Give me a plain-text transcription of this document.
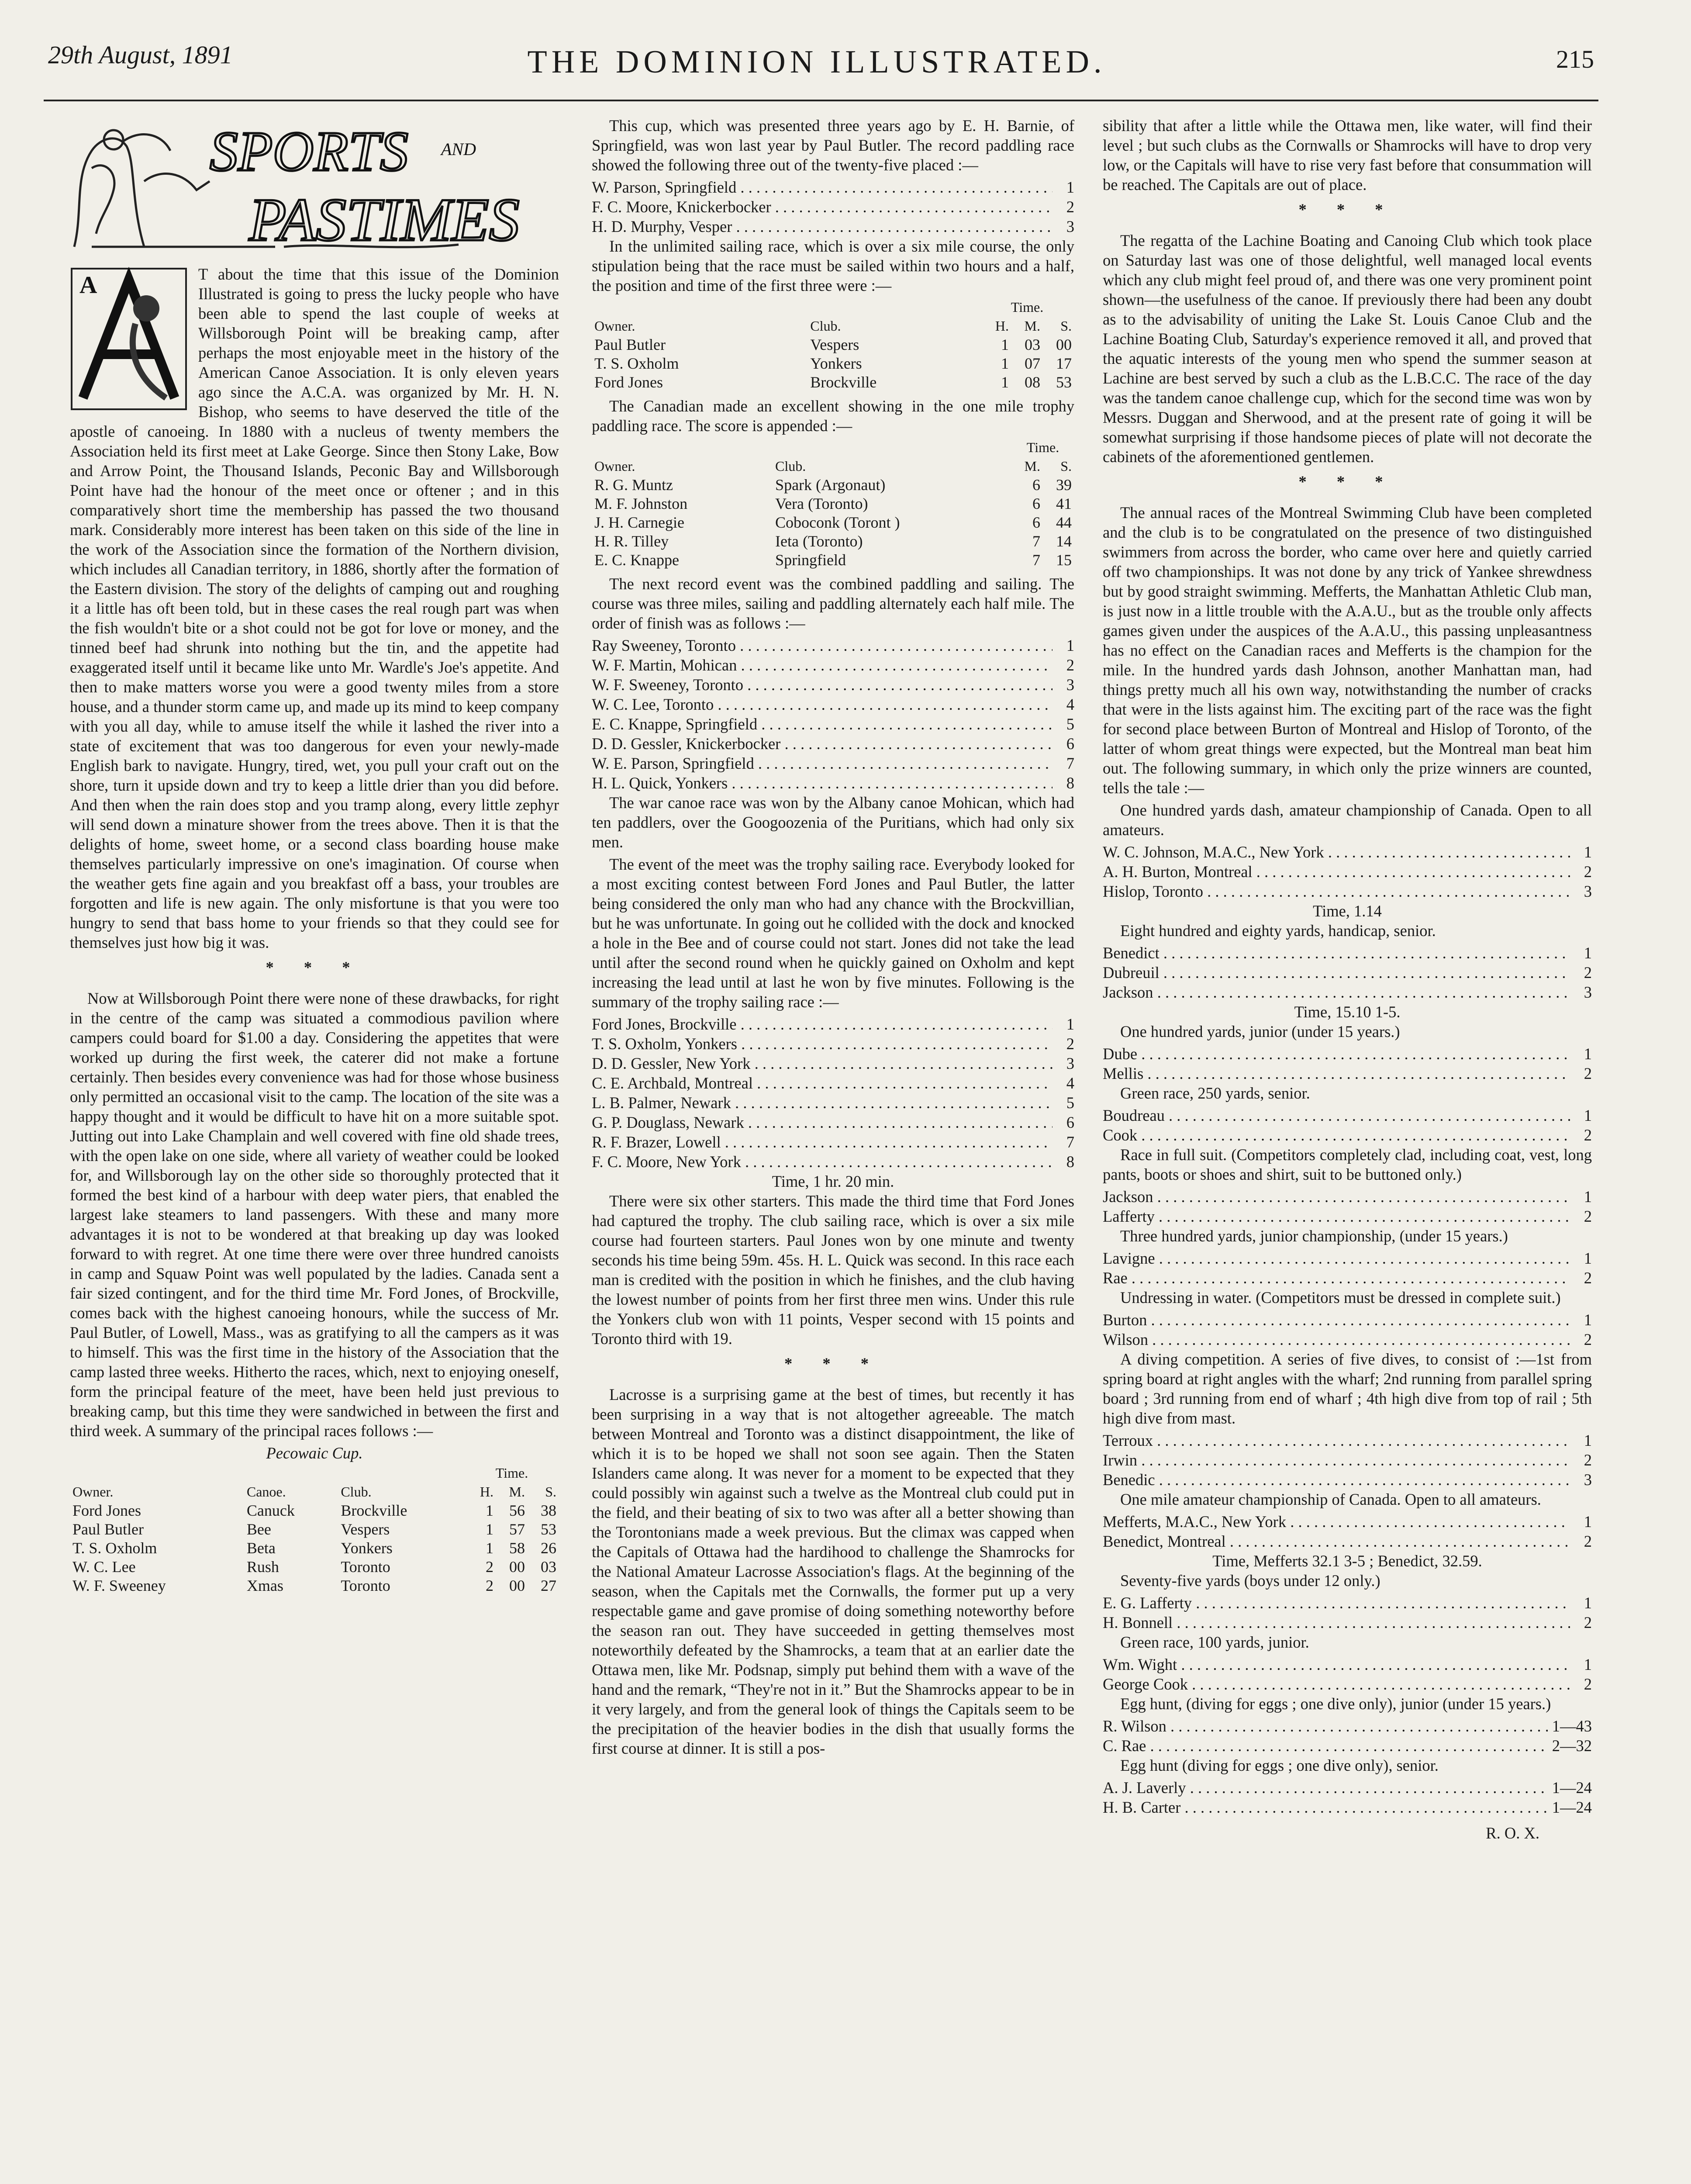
29th August, 1891	THE DOMINION ILLUSTRATED.	215
SPORTS AND
PASTIMES
A	T about the time that this issue of the Dominion Illustrated is going to press the lucky people who have been able to spend the last couple of weeks at Willsborough Point will be breaking camp, after perhaps the most enjoyable meet in the history of the American Canoe Association. It is only eleven years ago since the A.C.A. was organized by Mr. H. N. Bishop, who seems to have deserved the title of the apostle of canoeing. In 1880 with a nucleus of twenty members the Association held its first meet at Lake George. Since then Stony Lake, Bow and Arrow Point, the Thousand Islands, Peconic Bay and Willsborough Point have had the honour of the meet once or oftener ; and in this comparatively short time the membership has passed the two thousand mark. Considerably more interest has been taken on this side of the line in the work of the Association since the formation of the Northern division, which includes all Canadian territory, in 1886, shortly after the formation of the Eastern division. The story of the delights of camping out and roughing it a little has oft been told, but in these cases the real rough part was when the fish wouldn't bite or a shot could not be got for love or money, and the tinned beef had shrunk into nothing but the tin, and the appetite had exaggerated itself until it became like unto Mr. Wardle's Joe's appetite. And then to make matters worse you were a good twenty miles from a store house, and a thunder storm came up, and made up its mind to keep company with you all day, while to amuse itself the while it lashed the river into a state of excitement that was too dangerous for even your newly-made English bark to navigate. Hungry, tired, wet, you pull your craft out on the shore, turn it upside down and try to keep a little drier than you did before. And then when the rain does stop and you tramp along, every little zephyr will send down a minature shower from the trees above. Then it is that the delights of home, sweet home, or a second class boarding house make themselves particularly impressive on one's imagination. Of course when the weather gets fine again and you breakfast off a bass, your troubles are forgotten and life is new again. The only misfortune is that you were too hungry to send that bass home to your friends so that they could see for themselves just how big it was.

* * *

Now at Willsborough Point there were none of these drawbacks, for right in the centre of the camp was situated a commodious pavilion where campers could board for $1.00 a day. Considering the appetites that were worked up during the first week, the caterer did not make a fortune certainly. Then besides every convenience was had for those whose business only permitted an occasional visit to the camp. The location of the site was a happy thought and it would be difficult to have hit on a more suitable spot. Jutting out into Lake Champlain and well covered with fine old shade trees, with the open lake on one side, where all variety of weather could be looked for, and Willsborough lay on the other side so thoroughly protected that it formed the best kind of a harbour with deep water piers, that enabled the largest lake steamers to land passengers. With these and many more advantages it is not to be wondered at that breaking up day was looked forward to with regret. At one time there were over three hundred canoists in camp and Squaw Point was well populated by the ladies. Canada sent a fair sized contingent, and for the third time Mr. Ford Jones, of Brockville, comes back with the highest canoeing honours, while the success of Mr. Paul Butler, of Lowell, Mass., was as gratifying to all the campers as it was to himself. This was the first time in the history of the Association that the camp lasted three weeks. Hitherto the races, which, next to enjoying oneself, form the principal feature of the meet, have been held just previous to breaking camp, but this time they were sandwiched in between the first and third week. A summary of the principal races follows :—

Pecowaic Cup.

			Time.		
Owner.	Canoe.	Club.	H.	M.	S.
Ford Jones	Canuck	Brockville	1	56	38
Paul Butler	Bee	Vespers	1	57	53
T. S. Oxholm	Beta	Yonkers	1	58	26
W. C. Lee	Rush	Toronto	2	00	03
W. F. Sweeney	Xmas	Toronto	2	00	27

This cup, which was presented three years ago by E. H. Barnie, of Springfield, was won last year by Paul Butler. The record paddling race showed the following three out of the twenty-five placed :—

W. Parson, Springfield . . .	1
F. C. Moore, Knickerbocker . . .	2
H. D. Murphy, Vesper . . .	3

In the unlimited sailing race, which is over a six mile course, the only stipulation being that the race must be sailed within two hours and a half, the position and time of the first three were :—

		Time.		
Owner.	Club.	H.	M.	S.
Paul Butler	Vespers	1	03	00
T. S. Oxholm	Yonkers	1	07	17
Ford Jones	Brockville	1	08	53

The Canadian made an excellent showing in the one mile trophy paddling race. The score is appended :—

		Time.	
Owner.	Club.	M.	S.
R. G. Muntz	Spark (Argonaut)	6	39
M. F. Johnston	Vera (Toronto)	6	41
J. H. Carnegie	Coboconk (Toront )	6	44
H. R. Tilley	Ieta (Toronto)	7	14
E. C. Knappe	Springfield	7	15

The next record event was the combined paddling and sailing. The course was three miles, sailing and paddling alternately each half mile. The order of finish was as follows :—

Ray Sweeney, Toronto . . .	1
W. F. Martin, Mohican . . .	2
W. F. Sweeney, Toronto . . .	3
W. C. Lee, Toronto . . .	4
E. C. Knappe, Springfield . . .	5
D. D. Gessler, Knickerbocker . . .	6
W. E. Parson, Springfield . . .	7
H. L. Quick, Yonkers . . .	8

The war canoe race was won by the Albany canoe Mohican, which had ten paddlers, over the Googoozenia of the Puritians, which had only six men.

The event of the meet was the trophy sailing race. Everybody looked for a most exciting contest between Ford Jones and Paul Butler, the latter being considered the only man who had any chance with the Brockvillian, but he was unfortunate. In going out he collided with the dock and knocked a hole in the Bee and of course could not start. Jones did not take the lead until after the second round when he quickly gained on Oxholm and kept increasing the lead until at last he won by five minutes. Following is the summary of the trophy sailing race :—

Ford Jones, Brockville . . .	1
T. S. Oxholm, Yonkers . . .	2
D. D. Gessler, New York . . .	3
C. E. Archbald, Montreal . . .	4
L. B. Palmer, Newark . . .	5
G. P. Douglass, Newark . . .	6
R. F. Brazer, Lowell . . .	7
F. C. Moore, New York . . .	8

Time, 1 hr. 20 min.

There were six other starters. This made the third time that Ford Jones had captured the trophy. The club sailing race, which is over a six mile course had fourteen starters. Paul Jones won by one minute and twenty seconds his time being 59m. 45s. H. L. Quick was second. In this race each man is credited with the position in which he finishes, and the club having the lowest number of points from her first three men wins. Under this rule the Yonkers club won with 11 points, Vesper second with 15 points and Toronto third with 19.

* * *

Lacrosse is a surprising game at the best of times, but recently it has been surprising in a way that is not altogether agreeable. The match between Montreal and Toronto was a distinct disappointment, the like of which it is to be hoped we shall not soon see again. Then the Staten Islanders came along. It was never for a moment to be expected that they could possibly win against such a twelve as the Montreal club could put in the field, and their beating of six to two was after all a better showing than the Torontonians made a week previous. But the climax was capped when the Capitals of Ottawa had the hardihood to challenge the Shamrocks for the National Amateur Lacrosse Association's flags. At the beginning of the season, when the Capitals met the Cornwalls, the former put up a very respectable game and gave promise of doing something noteworthy before the season ran out. They have succeeded in getting themselves most noteworthily defeated by the Shamrocks, a team that at an earlier date the Ottawa men, like Mr. Podsnap, simply put behind them with a wave of the hand and the remark, “They're not in it.” But the Shamrocks appear to be in it very largely, and from the general look of things the Capitals seem to be the precipitation of the heavier bodies in the dish that usually forms the first course at dinner. It is still a pos-

sibility that after a little while the Ottawa men, like water, will find their level ; but such clubs as the Cornwalls or Shamrocks will have to drop very low, or the Capitals will have to rise very fast before that consummation will be reached. The Capitals are out of place.

* * *

The regatta of the Lachine Boating and Canoing Club which took place on Saturday last was one of those delightful, well managed local events which any club might feel proud of, and there was one very prominent point shown—the usefulness of the canoe. If previously there had been any doubt as to the advisability of uniting the Lake St. Louis Canoe Club and the Lachine Boating Club, Saturday's experience removed it all, and proved that the aquatic interests of the young men who spend the summer season at Lachine are best served by such a club as the L.B.C.C. The race of the day was the tandem canoe challenge cup, which for the second time was won by Messrs. Duggan and Sherwood, and at the present rate of going it will be somewhat surprising if those handsome pieces of plate will not decorate the cabinets of the aforementioned gentlemen.

* * *

The annual races of the Montreal Swimming Club have been completed and the club is to be congratulated on the presence of two distinguished swimmers from across the border, who came over here and quietly carried off two championships. It was not done by any trick of Yankee shrewdness but by good straight swimming. Mefferts, the Manhattan Athletic Club man, is just now in a little trouble with the A.A.U., but as the trouble only affects games given under the auspices of the A.A.U., this passing unpleasantness has no effect on the Canadian races and Mefferts is the champion for the mile. In the hundred yards dash Johnson, another Manhattan man, had things pretty much all his own way, notwithstanding the number of cracks that were in the lists against him. The exciting part of the race was the fight for second place between Burton of Montreal and Hislop of Toronto, of the latter of whom great things were expected, but the Montreal man beat him out. The following summary, in which only the prize winners are counted, tells the tale :—

One hundred yards dash, amateur championship of Canada. Open to all amateurs.

W. C. Johnson, M.A.C., New York . . .	1
A. H. Burton, Montreal . . .	2
Hislop, Toronto . . .	3

Time, 1.14

Eight hundred and eighty yards, handicap, senior.

Benedict . . .	1
Dubreuil . . .	2
Jackson . . .	3

Time, 15.10 1-5.

One hundred yards, junior (under 15 years.)

Dube . . .	1
Mellis . . .	2

Green race, 250 yards, senior.

Boudreau . . .	1
Cook . . .	2

Race in full suit. (Competitors completely clad, including coat, vest, long pants, boots or shoes and shirt, suit to be buttoned only.)

Jackson . . .	1
Lafferty . . .	2

Three hundred yards, junior championship, (under 15 years.)

Lavigne . . .	1
Rae . . .	2

Undressing in water. (Competitors must be dressed in complete suit.)

Burton . . .	1
Wilson . . .	2

A diving competition. A series of five dives, to consist of :—1st from spring board at right angles with the wharf; 2nd running from parallel spring board ; 3rd running from end of wharf ; 4th high dive from top of rail ; 5th high dive from mast.

Terroux . . .	1
Irwin . . .	2
Benedic . . .	3

One mile amateur championship of Canada. Open to all amateurs.

Mefferts, M.A.C., New York . . .	1
Benedict, Montreal . . .	2

Time, Mefferts 32.1 3-5 ; Benedict, 32.59.

Seventy-five yards (boys under 12 only.)

E. G. Lafferty . . .	1
H. Bonnell . . .	2

Green race, 100 yards, junior.

Wm. Wight . . .	1
George Cook . . .	2

Egg hunt, (diving for eggs ; one dive only), junior (under 15 years.)

R. Wilson . . .	1—43
C. Rae . . .	2—32

Egg hunt (diving for eggs ; one dive only), senior.

A. J. Laverly . . .	1—24
H. B. Carter . . .	1—24
R. O. X.
